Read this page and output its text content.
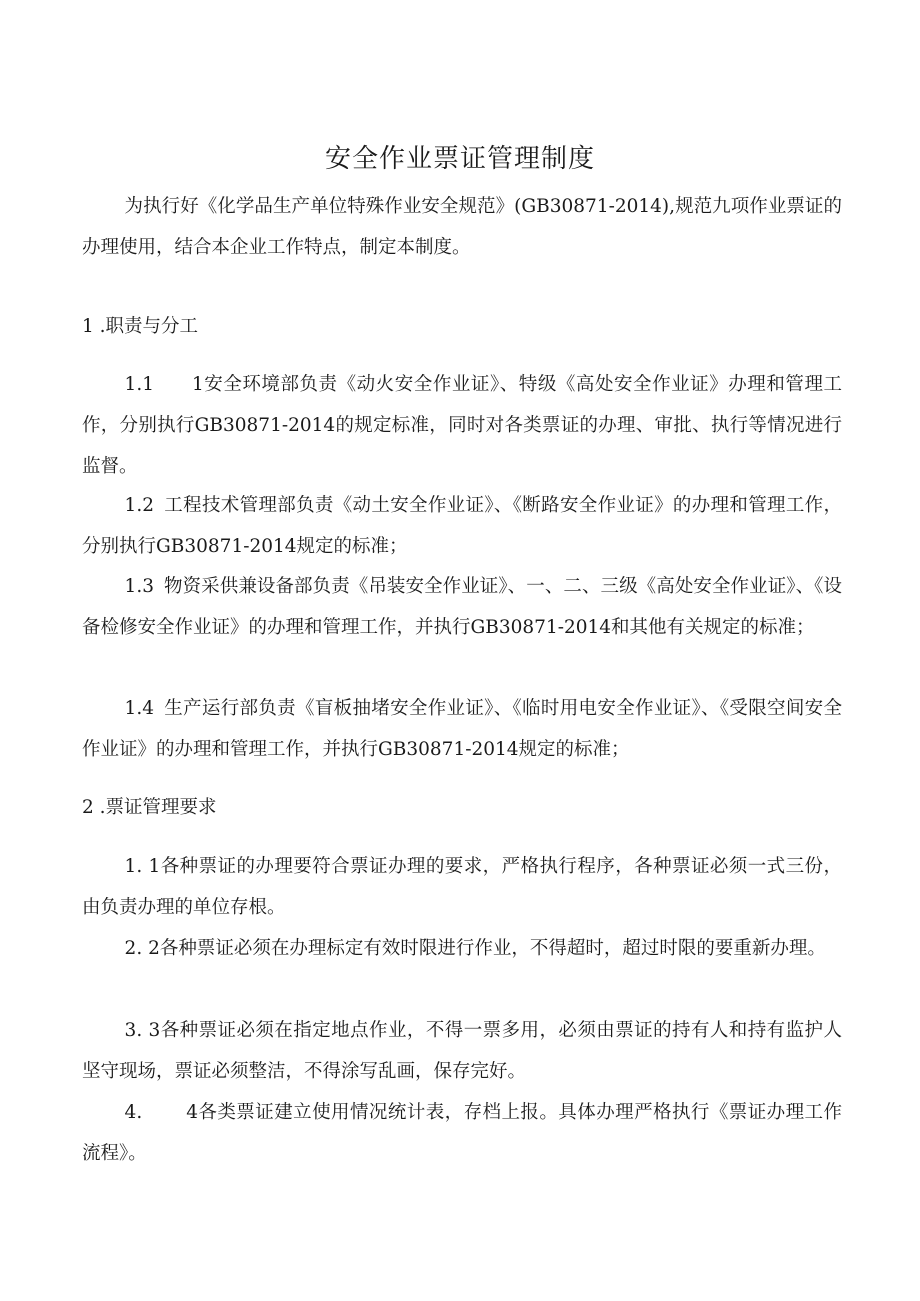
安全作业票证管理制度

为执行好《化学品生产单位特殊作业安全规范》(GB30871-2014),规范九项作业票证的办理使用，结合本企业工作特点，制定本制度。

1 .职责与分工

1.1 1安全环境部负责《动火安全作业证》、特级《高处安全作业证》办理和管理工作，分别执行GB30871-2014的规定标准，同时对各类票证的办理、审批、执行等情况进行监督。

1.2 工程技术管理部负责《动土安全作业证》、《断路安全作业证》的办理和管理工作，分别执行GB30871-2014规定的标准；

1.3 物资采供兼设备部负责《吊装安全作业证》、一、二、三级《高处安全作业证》、《设备检修安全作业证》的办理和管理工作，并执行GB30871-2014和其他有关规定的标准；

1.4 生产运行部负责《盲板抽堵安全作业证》、《临时用电安全作业证》、《受限空间安全作业证》的办理和管理工作，并执行GB30871-2014规定的标准；

2 .票证管理要求

1. 1各种票证的办理要符合票证办理的要求，严格执行程序，各种票证必须一式三份，由负责办理的单位存根。

2. 2各种票证必须在办理标定有效时限进行作业，不得超时，超过时限的要重新办理。

3. 3各种票证必须在指定地点作业，不得一票多用，必须由票证的持有人和持有监护人坚守现场，票证必须整洁，不得涂写乱画，保存完好。

4. 4各类票证建立使用情况统计表，存档上报。具体办理严格执行《票证办理工作流程》。
